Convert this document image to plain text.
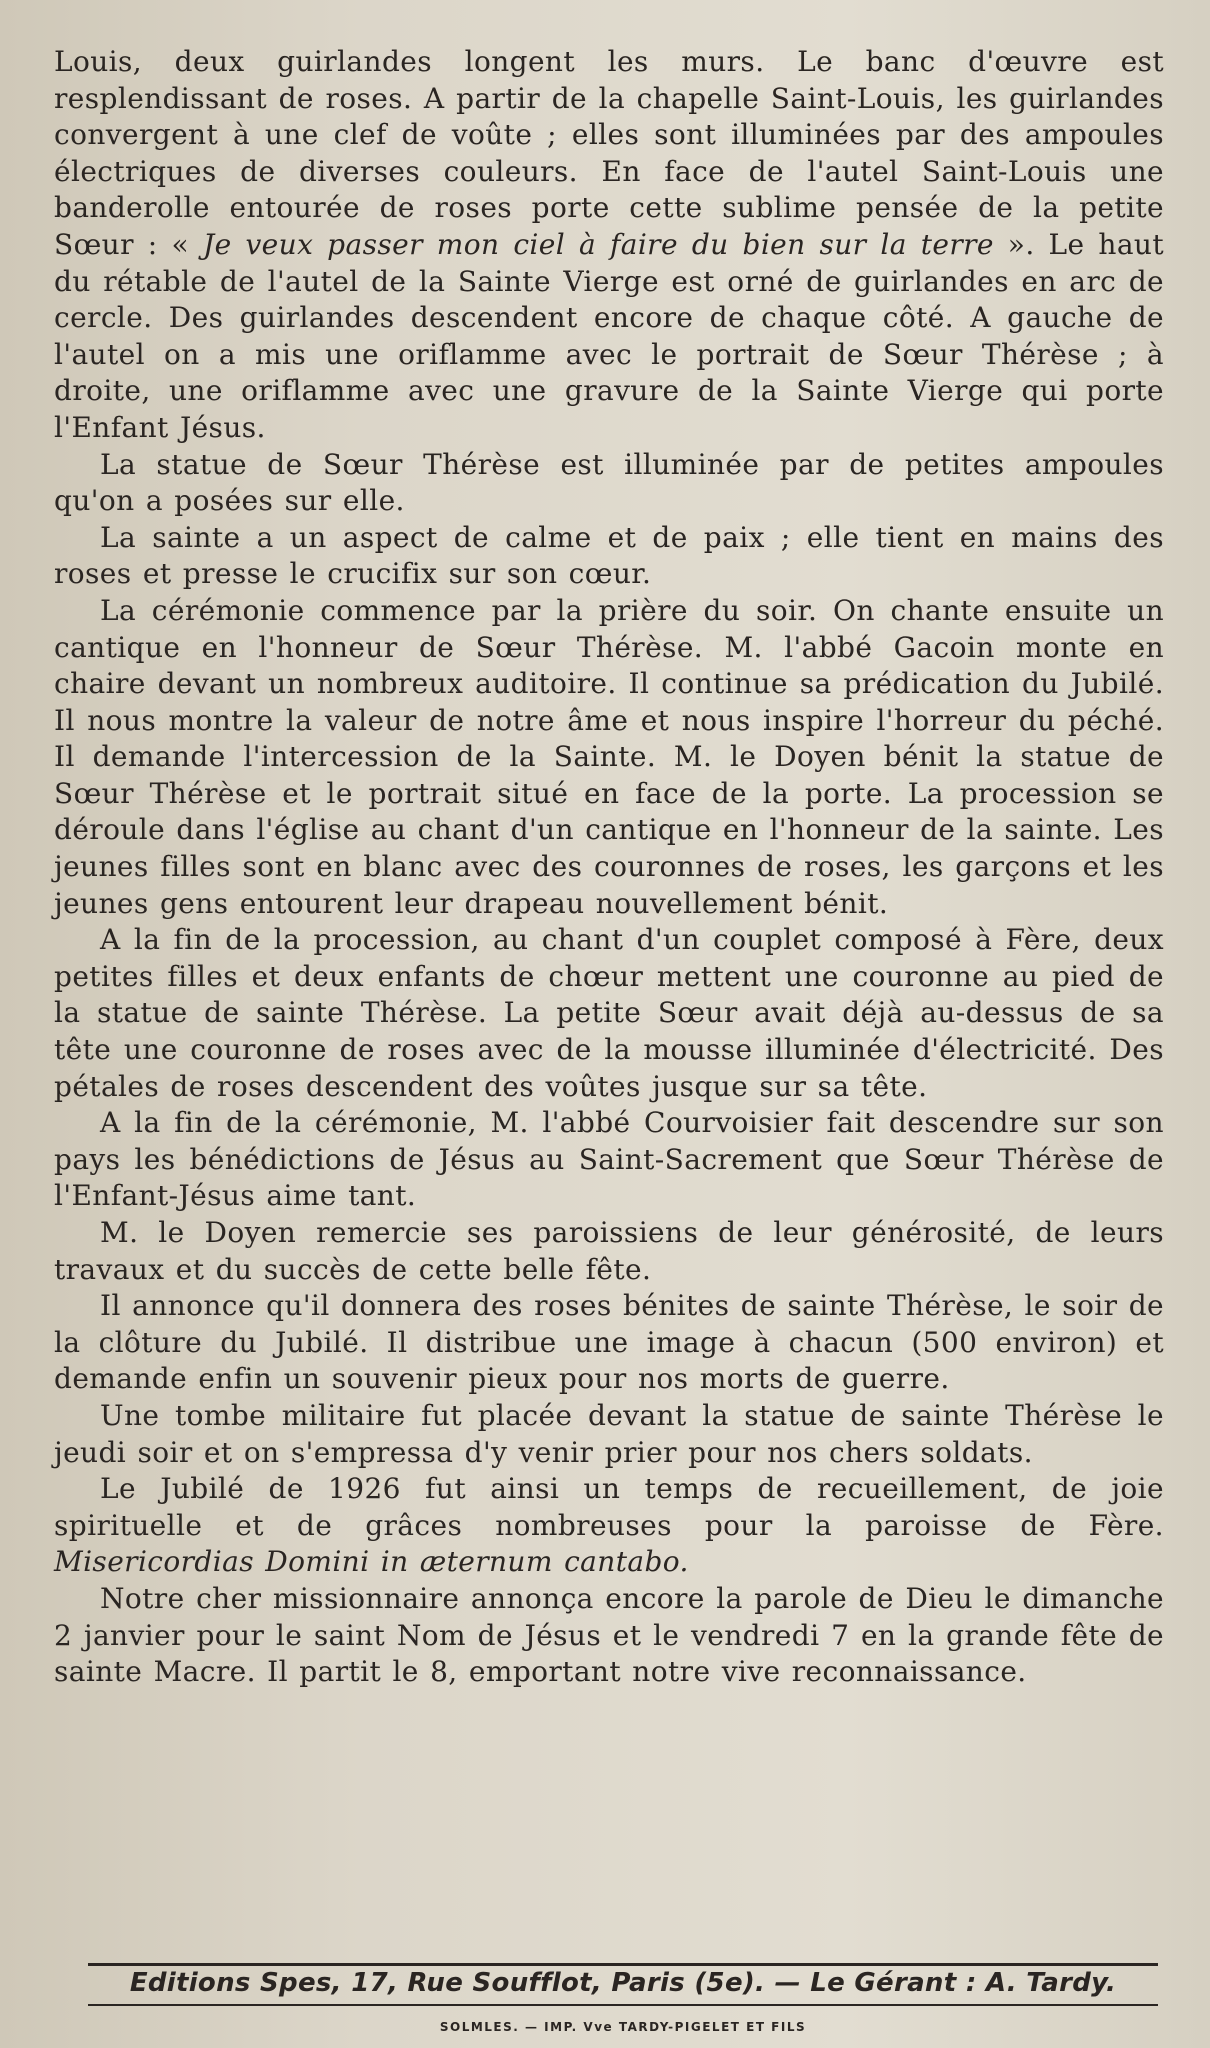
Louis, deux guirlandes longent les murs. Le banc d'œuvre est resplendissant de roses. A partir de la chapelle Saint-Louis, les guirlandes convergent à une clef de voûte ; elles sont illuminées par des ampoules électriques de diverses couleurs. En face de l'autel Saint-Louis une banderolle entourée de roses porte cette sublime pensée de la petite Sœur : « Je veux passer mon ciel à faire du bien sur la terre ». Le haut du rétable de l'autel de la Sainte Vierge est orné de guirlandes en arc de cercle. Des guirlandes descendent encore de chaque côté. A gauche de l'autel on a mis une oriflamme avec le portrait de Sœur Thérèse ; à droite, une oriflamme avec une gravure de la Sainte Vierge qui porte l'Enfant Jésus.

La statue de Sœur Thérèse est illuminée par de petites ampoules qu'on a posées sur elle.

La sainte a un aspect de calme et de paix ; elle tient en mains des roses et presse le crucifix sur son cœur.

La cérémonie commence par la prière du soir. On chante ensuite un cantique en l'honneur de Sœur Thérèse. M. l'abbé Gacoin monte en chaire devant un nombreux auditoire. Il continue sa prédication du Jubilé. Il nous montre la valeur de notre âme et nous inspire l'horreur du péché. Il demande l'intercession de la Sainte. M. le Doyen bénit la statue de Sœur Thérèse et le portrait situé en face de la porte. La procession se déroule dans l'église au chant d'un cantique en l'honneur de la sainte. Les jeunes filles sont en blanc avec des couronnes de roses, les garçons et les jeunes gens entourent leur drapeau nouvellement bénit.

A la fin de la procession, au chant d'un couplet composé à Fère, deux petites filles et deux enfants de chœur mettent une couronne au pied de la statue de sainte Thérèse. La petite Sœur avait déjà au-dessus de sa tête une couronne de roses avec de la mousse illuminée d'électricité. Des pétales de roses descendent des voûtes jusque sur sa tête.

A la fin de la cérémonie, M. l'abbé Courvoisier fait descendre sur son pays les bénédictions de Jésus au Saint-Sacrement que Sœur Thérèse de l'Enfant-Jésus aime tant.

M. le Doyen remercie ses paroissiens de leur générosité, de leurs travaux et du succès de cette belle fête.

Il annonce qu'il donnera des roses bénites de sainte Thérèse, le soir de la clôture du Jubilé. Il distribue une image à chacun (500 environ) et demande enfin un souvenir pieux pour nos morts de guerre.

Une tombe militaire fut placée devant la statue de sainte Thérèse le jeudi soir et on s'empressa d'y venir prier pour nos chers soldats.

Le Jubilé de 1926 fut ainsi un temps de recueillement, de joie spirituelle et de grâces nombreuses pour la paroisse de Fère. Misericordias Domini in æternum cantabo.

Notre cher missionnaire annonça encore la parole de Dieu le dimanche 2 janvier pour le saint Nom de Jésus et le vendredi 7 en la grande fête de sainte Macre. Il partit le 8, emportant notre vive reconnaissance.

Editions Spes, 17, Rue Soufflot, Paris (5e). — Le Gérant : A. Tardy.
SOLMLES. — IMP. Vve TARDY-PIGELET ET FILS
